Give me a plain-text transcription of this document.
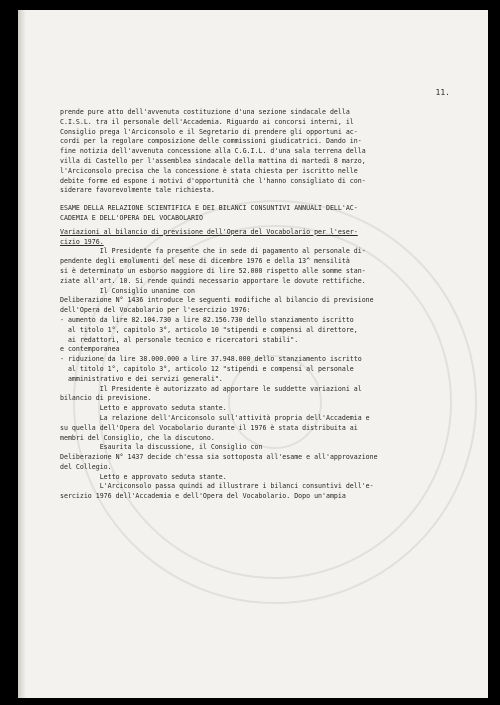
11.
prende pure atto dell'avvenuta costituzione d'una sezione sindacale della
C.I.S.L. tra il personale dell'Accademia. Riguardo ai concorsi interni, il
Consiglio prega l'Arciconsolo e il Segretario di prendere gli opportuni ac-
cordi per la regolare composizione delle commissioni giudicatrici. Dando in-
fine notizia dell'avvenuta concessione alla C.G.I.L. d'una sala terrena della
villa di Castello per l'assemblea sindacale della mattina di martedì 8 marzo,
l'Arciconsolo precisa che la concessione è stata chiesta per iscritto nelle
debite forme ed espone i motivi d'opportunità che l'hanno consigliato di con-
siderare favorevolmente tale richiesta.
ESAME DELLA RELAZIONE SCIENTIFICA E DEI BILANCI CONSUNTIVI ANNUALI DELL'AC-
CADEMIA E DELL'OPERA DEL VOCABOLARIO
Variazioni al bilancio di previsione dell'Opera del Vocabolario per l'eser-
cizio 1976.
Il Presidente fa presente che in sede di pagamento al personale di-
pendente degli emolumenti del mese di dicembre 1976 e della 13^ mensilità
si è determinato un esborso maggiore di lire 52.000 rispetto alle somme stan-
ziate all'art. 10. Si rende quindi necessario apportare le dovute rettifiche.
Il Consiglio unanime con
Deliberazione N° 1436 introduce le seguenti modifiche al bilancio di previsione
dell'Opera del Vocabolario per l'esercizio 1976:
- aumento da lire 82.104.730 a lire 82.156.730 dello stanziamento iscritto
al titolo 1°, capitolo 3°, articolo 10 "stipendi e compensi al direttore,
ai redattori, al personale tecnico e ricercatori stabili".
e contemporanea
- riduzione da lire 38.000.000 a lire 37.948.000 dello stanziamento iscritto
al titolo 1°, capitolo 3°, articolo 12 "stipendi e compensi al personale
amministrativo e dei servizi generali".
Il Presidente è autorizzato ad apportare le suddette variazioni al
bilancio di previsione.
Letto e approvato seduta stante.
La relazione dell'Arciconsolo sull'attività propria dell'Accademia e
su quella dell'Opera del Vocabolario durante il 1976 è stata distribuita ai
membri del Consiglio, che la discutono.
Esaurita la discussione, il Consiglio con
Deliberazione N° 1437 decide ch'essa sia sottoposta all'esame e all'approvazione
del Collegio.
Letto e approvato seduta stante.
L'Arciconsolo passa quindi ad illustrare i bilanci consuntivi dell'e-
sercizio 1976 dell'Accademia e dell'Opera del Vocabolario. Dopo un'ampia
